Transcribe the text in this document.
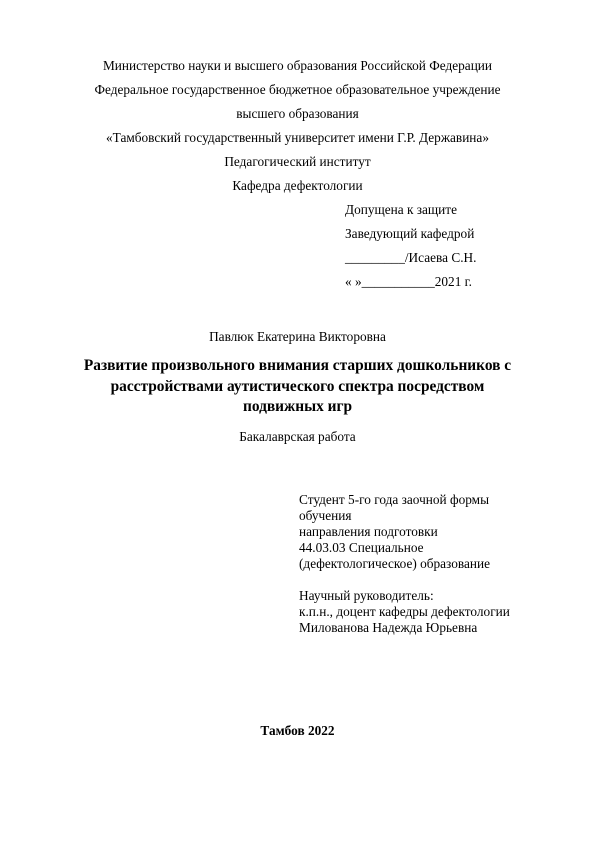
Министерство науки и высшего образования Российской Федерации
Федеральное государственное бюджетное образовательное учреждение
высшего образования
«Тамбовский государственный университет имени Г.Р. Державина»
Педагогический институт
Кафедра дефектологии
Допущена к защите
Заведующий кафедрой
_________/Исаева С.Н.
« »___________2021 г.
Павлюк Екатерина Викторовна
Развитие произвольного внимания старших дошкольников с
расстройствами аутистического спектра посредством
подвижных игр
Бакалаврская работа
Студент 5-го года заочной формы
обучения
направления подготовки
44.03.03 Специальное
(дефектологическое) образование
Научный руководитель:
к.п.н., доцент кафедры дефектологии
Милованова Надежда Юрьевна
Тамбов 2022
